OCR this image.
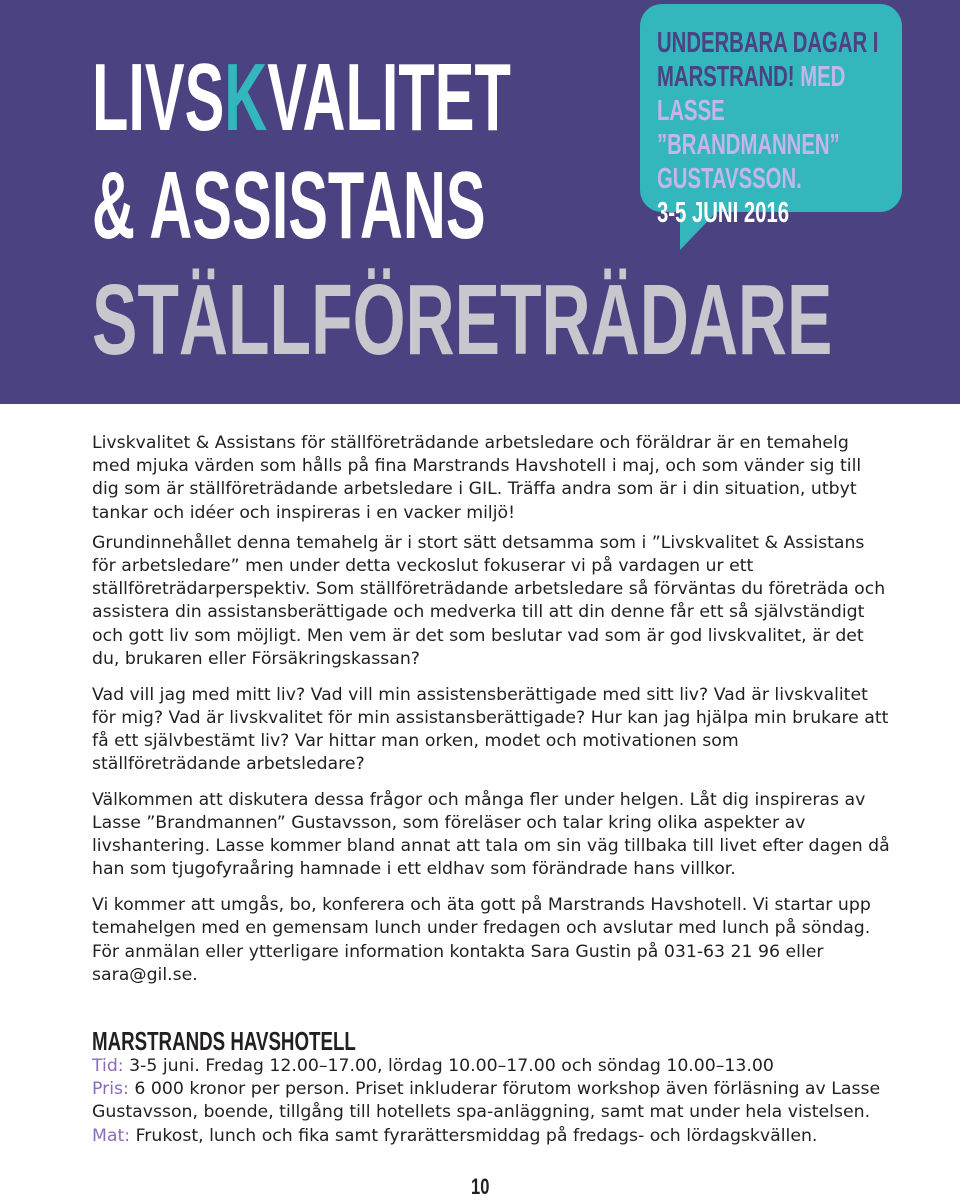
LIVSKVALITET
& ASSISTANS
STÄLLFÖRETRÄDARE
UNDERBARA DAGAR I MARSTRAND! MED LASSE ”BRANDMANNEN” GUSTAVSSON.
3-5 JUNI 2016

Livskvalitet & Assistans för ställföreträdande arbetsledare och föräldrar är en temahelg med mjuka värden som hålls på fina Marstrands Havshotell i maj, och som vänder sig till dig som är ställföreträdande arbetsledare i GIL. Träffa andra som är i din situation, utbyt tankar och idéer och inspireras i en vacker miljö!

Grundinnehållet denna temahelg är i stort sätt detsamma som i ”Livskvalitet & Assistans för arbetsledare” men under detta veckoslut fokuserar vi på vardagen ur ett ställföreträdarperspektiv. Som ställföreträdande arbetsledare så förväntas du företräda och assistera din assistansberättigade och medverka till att din denne får ett så självständigt och gott liv som möjligt. Men vem är det som beslutar vad som är god livskvalitet, är det du, brukaren eller Försäkringskassan?

Vad vill jag med mitt liv? Vad vill min assistensberättigade med sitt liv? Vad är livskvalitet för mig? Vad är livskvalitet för min assistansberättigade? Hur kan jag hjälpa min brukare att få ett självbestämt liv? Var hittar man orken, modet och motivationen som ställföreträdande arbetsledare?

Välkommen att diskutera dessa frågor och många fler under helgen. Låt dig inspireras av Lasse ”Brandmannen” Gustavsson, som föreläser och talar kring olika aspekter av livshantering. Lasse kommer bland annat att tala om sin väg tillbaka till livet efter dagen då han som tjugofyraåring hamnade i ett eldhav som förändrade hans villkor.

Vi kommer att umgås, bo, konferera och äta gott på Marstrands Havshotell. Vi startar upp temahelgen med en gemensam lunch under fredagen och avslutar med lunch på söndag. För anmälan eller ytterligare information kontakta Sara Gustin på 031-63 21 96 eller sara@gil.se.

MARSTRANDS HAVSHOTELL
Tid: 3-5 juni. Fredag 12.00–17.00, lördag 10.00–17.00 och söndag 10.00–13.00
Pris: 6 000 kronor per person. Priset inkluderar förutom workshop även förläsning av Lasse Gustavsson, boende, tillgång till hotellets spa-anläggning, samt mat under hela vistelsen.
Mat: Frukost, lunch och fika samt fyrarättersmiddag på fredags- och lördagskvällen.
10
